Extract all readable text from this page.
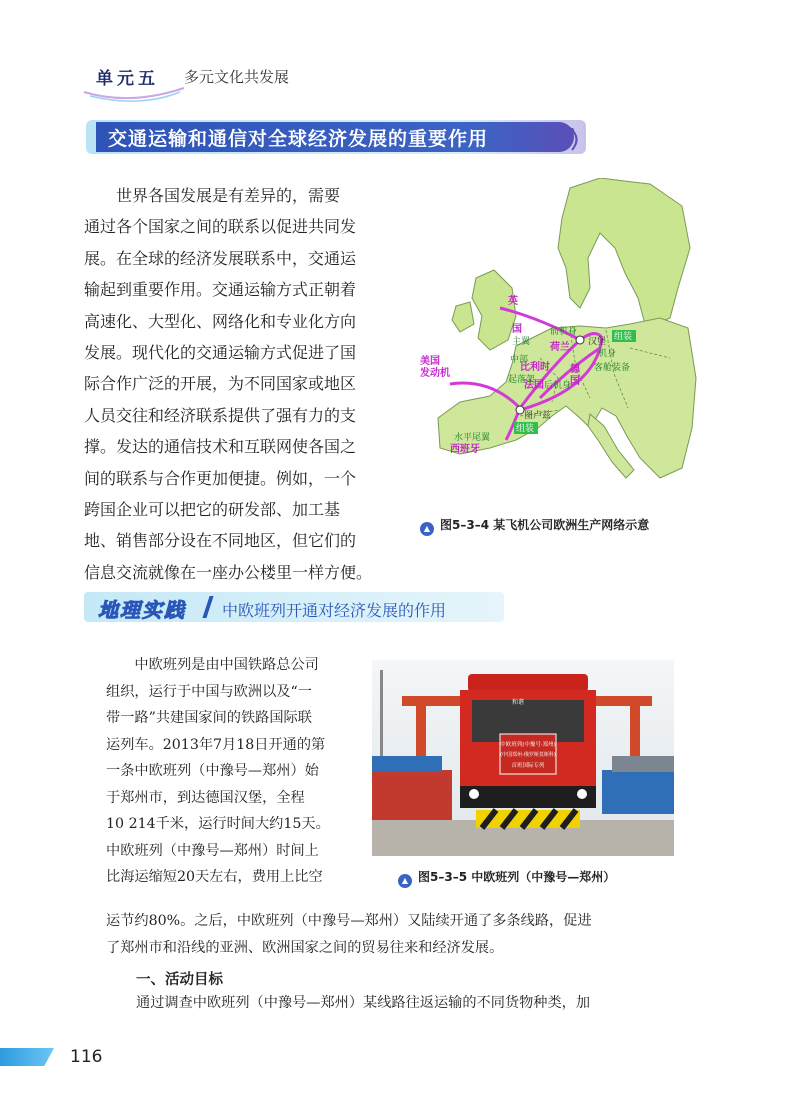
单元五 多元文化共发展
交通运输和通信对全球经济发展的重要作用
世界各国发展是有差异的，需要
通过各个国家之间的联系以促进共同发
展。在全球的经济发展联系中，交通运
输起到重要作用。交通运输方式正朝着
高速化、大型化、网络化和专业化方向
发展。现代化的交通运输方式促进了国
际合作广泛的开展，为不同国家或地区
人员交往和经济联系提供了强有力的支
撑。发达的通信技术和互联网使各国之
间的联系与合作更加便捷。例如，一个
跨国企业可以把它的研发部、加工基
地、销售部分设在不同地区，但它们的
信息交流就像在一座办公楼里一样方便。
英
国
荷兰
德
国
比利时
法国
美国
发动机
西班牙
主翼
前机身
汉堡
机身
客舱装备
中部
起落架
后机身
图卢兹
水平尾翼
组装
组装
▲ 图5–3–4 某飞机公司欧洲生产网络示意
地理实践 中欧班列开通对经济发展的作用
中欧班列是由中国铁路总公司
组织，运行于中国与欧洲以及“一
带一路”共建国家间的铁路国际联
运列车。2013年7月18日开通的第
一条中欧班列（中豫号—郑州）始
于郑州市，到达德国汉堡，全程
10 214千米，运行时间大约15天。
中欧班列（中豫号—郑州）时间上
比海运缩短20天左右，费用上比空
中欧班列(中豫号·郑州)
(中国郑州-俄罗斯莫斯科)
首班国际专列
和谐
▲ 图5–3–5 中欧班列（中豫号—郑州）
运节约80%。之后，中欧班列（中豫号—郑州）又陆续开通了多条线路，促进
了郑州市和沿线的亚洲、欧洲国家之间的贸易往来和经济发展。
一、活动目标
通过调查中欧班列（中豫号—郑州）某线路往返运输的不同货物种类，加
116
